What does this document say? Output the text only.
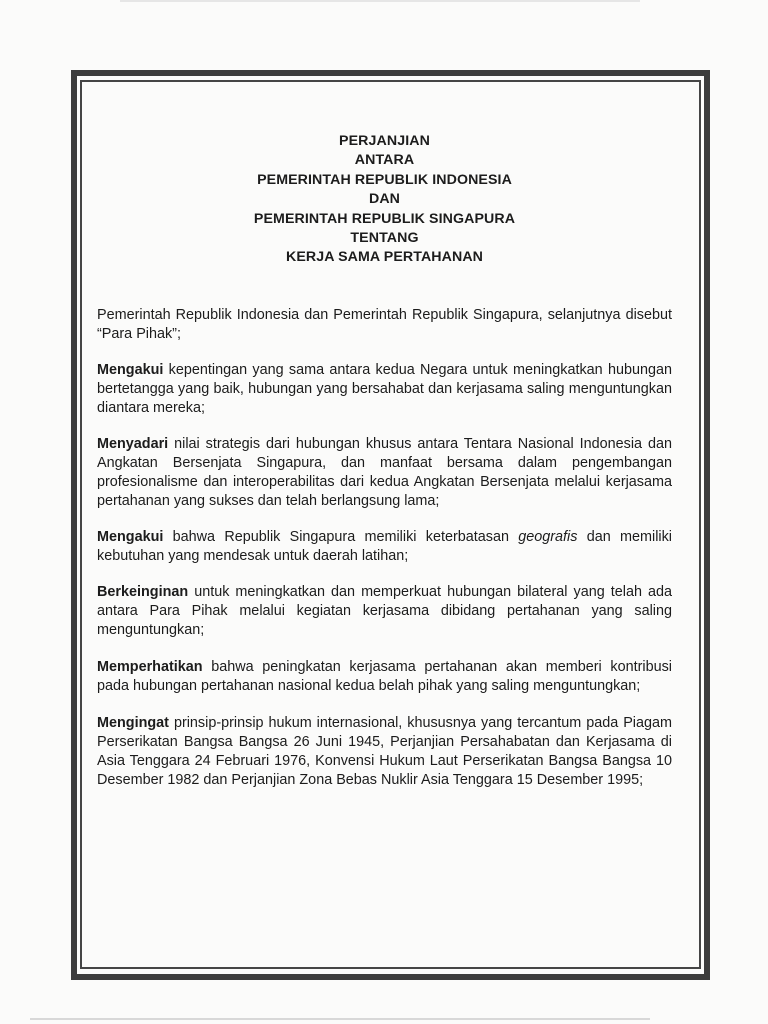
PERJANJIAN
ANTARA
PEMERINTAH REPUBLIK INDONESIA
DAN
PEMERINTAH REPUBLIK SINGAPURA
TENTANG
KERJA SAMA PERTAHANAN

Pemerintah Republik Indonesia dan Pemerintah Republik Singapura, selanjutnya disebut “Para Pihak”;

Mengakui kepentingan yang sama antara kedua Negara untuk meningkatkan hubungan bertetangga yang baik, hubungan yang bersahabat dan kerjasama saling menguntungkan diantara mereka;

Menyadari nilai strategis dari hubungan khusus antara Tentara Nasional Indonesia dan Angkatan Bersenjata Singapura, dan manfaat bersama dalam pengembangan profesionalisme dan interoperabilitas dari kedua Angkatan Bersenjata melalui kerjasama pertahanan yang sukses dan telah berlangsung lama;

Mengakui bahwa Republik Singapura memiliki keterbatasan geografis dan memiliki kebutuhan yang mendesak untuk daerah latihan;

Berkeinginan untuk meningkatkan dan memperkuat hubungan bilateral yang telah ada antara Para Pihak melalui kegiatan kerjasama dibidang pertahanan yang saling menguntungkan;

Memperhatikan bahwa peningkatan kerjasama pertahanan akan memberi kontribusi pada hubungan pertahanan nasional kedua belah pihak yang saling menguntungkan;

Mengingat prinsip-prinsip hukum internasional, khususnya yang tercantum pada Piagam Perserikatan Bangsa Bangsa 26 Juni 1945, Perjanjian Persahabatan dan Kerjasama di Asia Tenggara 24 Februari 1976, Konvensi Hukum Laut Perserikatan Bangsa Bangsa 10 Desember 1982 dan Perjanjian Zona Bebas Nuklir Asia Tenggara 15 Desember 1995;
